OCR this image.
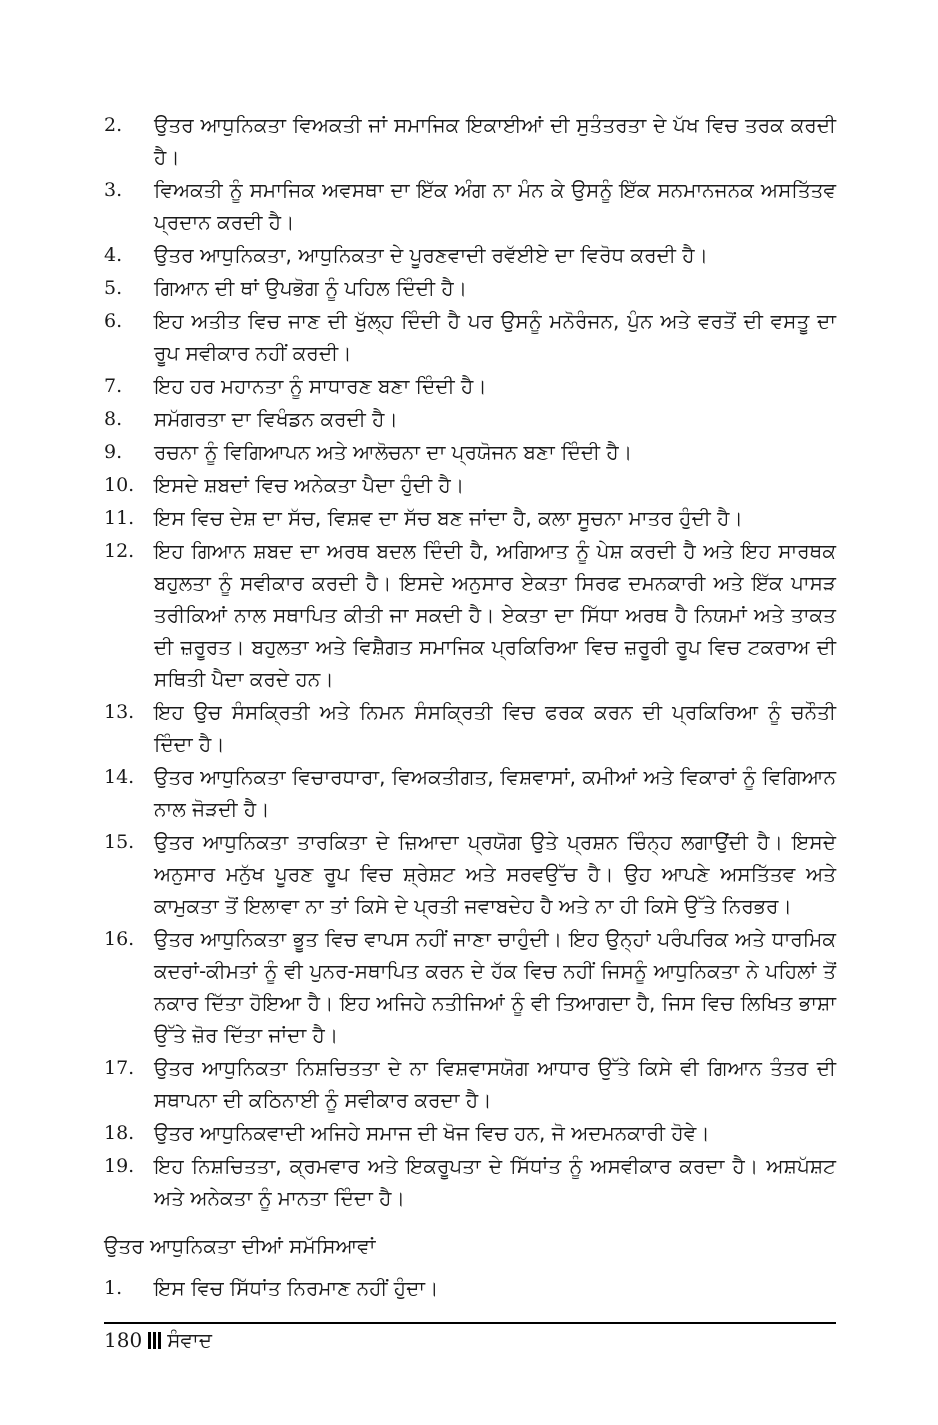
2.	ਉਤਰ ਆਧੁਨਿਕਤਾ ਵਿਅਕਤੀ ਜਾਂ ਸਮਾਜਿਕ ਇਕਾਈਆਂ ਦੀ ਸੁਤੰਤਰਤਾ ਦੇ ਪੱਖ ਵਿਚ ਤਰਕ ਕਰਦੀ ਹੈ।
3.	ਵਿਅਕਤੀ ਨੂੰ ਸਮਾਜਿਕ ਅਵਸਥਾ ਦਾ ਇੱਕ ਅੰਗ ਨਾ ਮੰਨ ਕੇ ਉਸਨੂੰ ਇੱਕ ਸਨਮਾਨਜਨਕ ਅਸਤਿੱਤਵ ਪ੍ਰਦਾਨ ਕਰਦੀ ਹੈ।
4.	ਉਤਰ ਆਧੁਨਿਕਤਾ, ਆਧੁਨਿਕਤਾ ਦੇ ਪੂਰਣਵਾਦੀ ਰਵੱਈਏ ਦਾ ਵਿਰੋਧ ਕਰਦੀ ਹੈ।
5.	ਗਿਆਨ ਦੀ ਥਾਂ ਉਪਭੋਗ ਨੂੰ ਪਹਿਲ ਦਿੰਦੀ ਹੈ।
6.	ਇਹ ਅਤੀਤ ਵਿਚ ਜਾਣ ਦੀ ਖੁੱਲ੍ਹ ਦਿੰਦੀ ਹੈ ਪਰ ਉਸਨੂੰ ਮਨੋਰੰਜਨ, ਪੁੰਨ ਅਤੇ ਵਰਤੋਂ ਦੀ ਵਸਤੂ ਦਾ ਰੂਪ ਸਵੀਕਾਰ ਨਹੀਂ ਕਰਦੀ।
7.	ਇਹ ਹਰ ਮਹਾਨਤਾ ਨੂੰ ਸਾਧਾਰਣ ਬਣਾ ਦਿੰਦੀ ਹੈ।
8.	ਸਮੱਗਰਤਾ ਦਾ ਵਿਖੰਡਨ ਕਰਦੀ ਹੈ।
9.	ਰਚਨਾ ਨੂੰ ਵਿਗਿਆਪਨ ਅਤੇ ਆਲੋਚਨਾ ਦਾ ਪ੍ਰਯੋਜਨ ਬਣਾ ਦਿੰਦੀ ਹੈ।
10. ਇਸਦੇ ਸ਼ਬਦਾਂ ਵਿਚ ਅਨੇਕਤਾ ਪੈਦਾ ਹੁੰਦੀ ਹੈ।
11. ਇਸ ਵਿਚ ਦੇਸ਼ ਦਾ ਸੱਚ, ਵਿਸ਼ਵ ਦਾ ਸੱਚ ਬਣ ਜਾਂਦਾ ਹੈ, ਕਲਾ ਸੂਚਨਾ ਮਾਤਰ ਹੁੰਦੀ ਹੈ।
12. ਇਹ ਗਿਆਨ ਸ਼ਬਦ ਦਾ ਅਰਥ ਬਦਲ ਦਿੰਦੀ ਹੈ, ਅਗਿਆਤ ਨੂੰ ਪੇਸ਼ ਕਰਦੀ ਹੈ ਅਤੇ ਇਹ ਸਾਰਥਕ ਬਹੁਲਤਾ ਨੂੰ ਸਵੀਕਾਰ ਕਰਦੀ ਹੈ। ਇਸਦੇ ਅਨੁਸਾਰ ਏਕਤਾ ਸਿਰਫ ਦਮਨਕਾਰੀ ਅਤੇ ਇੱਕ ਪਾਸੜ ਤਰੀਕਿਆਂ ਨਾਲ ਸਥਾਪਿਤ ਕੀਤੀ ਜਾ ਸਕਦੀ ਹੈ। ਏਕਤਾ ਦਾ ਸਿੱਧਾ ਅਰਥ ਹੈ ਨਿਯਮਾਂ ਅਤੇ ਤਾਕਤ ਦੀ ਜ਼ਰੂਰਤ। ਬਹੁਲਤਾ ਅਤੇ ਵਿਸ਼ੈਗਤ ਸਮਾਜਿਕ ਪ੍ਰਕਿਰਿਆ ਵਿਚ ਜ਼ਰੂਰੀ ਰੂਪ ਵਿਚ ਟਕਰਾਅ ਦੀ ਸਥਿਤੀ ਪੈਦਾ ਕਰਦੇ ਹਨ।
13. ਇਹ ਉਚ ਸੰਸਕ੍ਰਿਤੀ ਅਤੇ ਨਿਮਨ ਸੰਸਕ੍ਰਿਤੀ ਵਿਚ ਫਰਕ ਕਰਨ ਦੀ ਪ੍ਰਕਿਰਿਆ ਨੂੰ ਚਨੌਤੀ ਦਿੰਦਾ ਹੈ।
14. ਉਤਰ ਆਧੁਨਿਕਤਾ ਵਿਚਾਰਧਾਰਾ, ਵਿਅਕਤੀਗਤ, ਵਿਸ਼ਵਾਸਾਂ, ਕਮੀਆਂ ਅਤੇ ਵਿਕਾਰਾਂ ਨੂੰ ਵਿਗਿਆਨ ਨਾਲ ਜੋੜਦੀ ਹੈ।
15. ਉਤਰ ਆਧੁਨਿਕਤਾ ਤਾਰਕਿਤਾ ਦੇ ਜ਼ਿਆਦਾ ਪ੍ਰਯੋਗ ਉਤੇ ਪ੍ਰਸ਼ਨ ਚਿੰਨ੍ਹ ਲਗਾਉਂਦੀ ਹੈ। ਇਸਦੇ ਅਨੁਸਾਰ ਮਨੁੱਖ ਪੂਰਣ ਰੂਪ ਵਿਚ ਸ਼੍ਰੇਸ਼ਟ ਅਤੇ ਸਰਵਉੱਚ ਹੈ। ਉਹ ਆਪਣੇ ਅਸਤਿੱਤਵ ਅਤੇ ਕਾਮੁਕਤਾ ਤੋਂ ਇਲਾਵਾ ਨਾ ਤਾਂ ਕਿਸੇ ਦੇ ਪ੍ਰਤੀ ਜਵਾਬਦੇਹ ਹੈ ਅਤੇ ਨਾ ਹੀ ਕਿਸੇ ਉੱਤੇ ਨਿਰਭਰ।
16. ਉਤਰ ਆਧੁਨਿਕਤਾ ਭੂਤ ਵਿਚ ਵਾਪਸ ਨਹੀਂ ਜਾਣਾ ਚਾਹੁੰਦੀ। ਇਹ ਉਨ੍ਹਾਂ ਪਰੰਪਰਿਕ ਅਤੇ ਧਾਰਮਿਕ ਕਦਰਾਂ-ਕੀਮਤਾਂ ਨੂੰ ਵੀ ਪੁਨਰ-ਸਥਾਪਿਤ ਕਰਨ ਦੇ ਹੱਕ ਵਿਚ ਨਹੀਂ ਜਿਸਨੂੰ ਆਧੁਨਿਕਤਾ ਨੇ ਪਹਿਲਾਂ ਤੋਂ ਨਕਾਰ ਦਿੱਤਾ ਹੋਇਆ ਹੈ। ਇਹ ਅਜਿਹੇ ਨਤੀਜਿਆਂ ਨੂੰ ਵੀ ਤਿਆਗਦਾ ਹੈ, ਜਿਸ ਵਿਚ ਲਿਖਿਤ ਭਾਸ਼ਾ ਉੱਤੇ ਜ਼ੋਰ ਦਿੱਤਾ ਜਾਂਦਾ ਹੈ।
17. ਉਤਰ ਆਧੁਨਿਕਤਾ ਨਿਸ਼ਚਿਤਤਾ ਦੇ ਨਾ ਵਿਸ਼ਵਾਸਯੋਗ ਆਧਾਰ ਉੱਤੇ ਕਿਸੇ ਵੀ ਗਿਆਨ ਤੰਤਰ ਦੀ ਸਥਾਪਨਾ ਦੀ ਕਠਿਨਾਈ ਨੂੰ ਸਵੀਕਾਰ ਕਰਦਾ ਹੈ।
18. ਉਤਰ ਆਧੁਨਿਕਵਾਦੀ ਅਜਿਹੇ ਸਮਾਜ ਦੀ ਖੋਜ ਵਿਚ ਹਨ, ਜੋ ਅਦਮਨਕਾਰੀ ਹੋਵੇ।
19. ਇਹ ਨਿਸ਼ਚਿਤਤਾ, ਕ੍ਰਮਵਾਰ ਅਤੇ ਇਕਰੂਪਤਾ ਦੇ ਸਿੱਧਾਂਤ ਨੂੰ ਅਸਵੀਕਾਰ ਕਰਦਾ ਹੈ। ਅਸ਼ਪੱਸ਼ਟ ਅਤੇ ਅਨੇਕਤਾ ਨੂੰ ਮਾਨਤਾ ਦਿੰਦਾ ਹੈ।
ਉਤਰ ਆਧੁਨਿਕਤਾ ਦੀਆਂ ਸਮੱਸਿਆਵਾਂ
1.	ਇਸ ਵਿਚ ਸਿੱਧਾਂਤ ਨਿਰਮਾਣ ਨਹੀਂ ਹੁੰਦਾ।
180 ਸੰਵਾਦ
